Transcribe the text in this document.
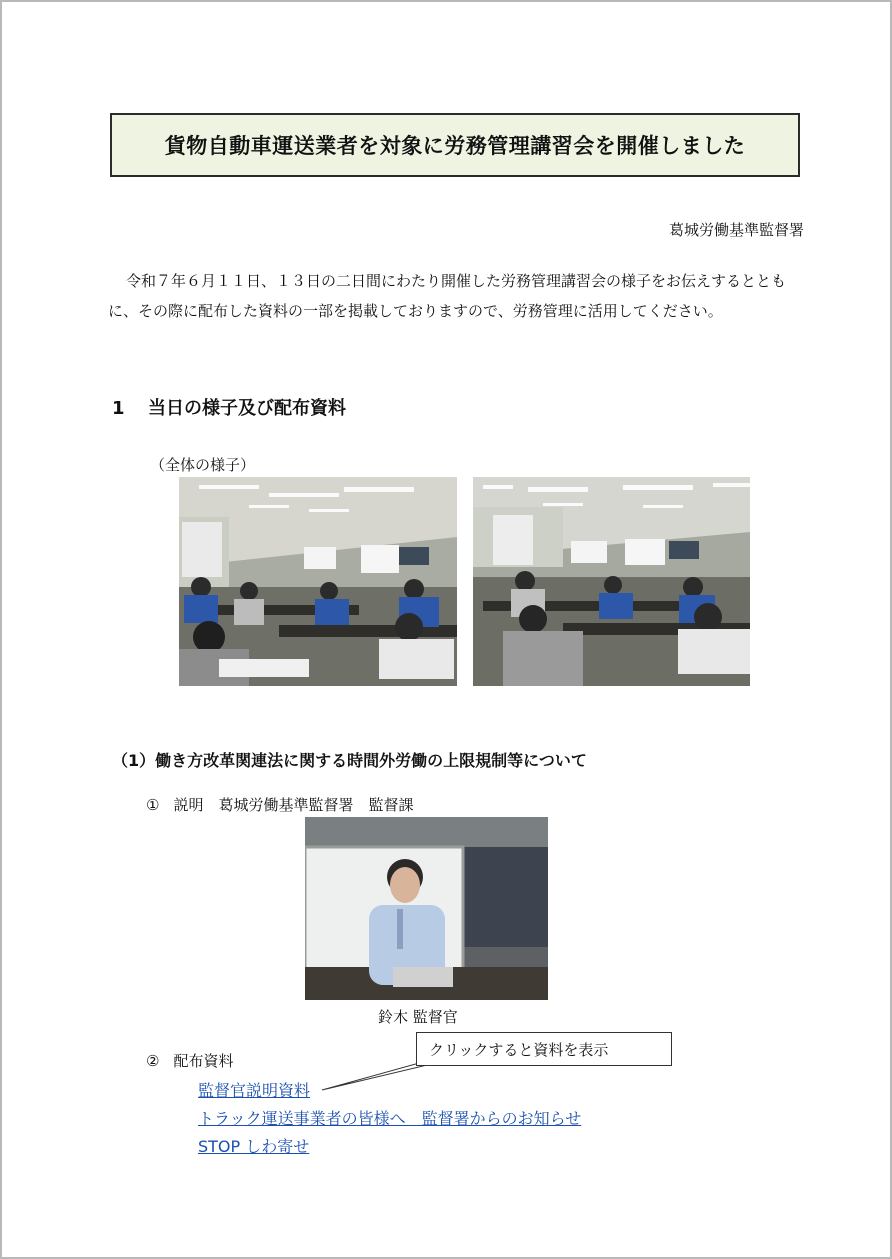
貨物自動車運送業者を対象に労務管理講習会を開催しました
葛城労働基準監督署
令和７年６月１１日、１３日の二日間にわたり開催した労務管理講習会の様子をお伝えするとともに、その際に配布した資料の一部を掲載しておりますので、労務管理に活用してください。
1 当日の様子及び配布資料
（全体の様子）
（1）働き方改革関連法に関する時間外労働の上限規制等について
① 説明　葛城労働基準監督署　監督課
鈴木 監督官
② 配布資料
クリックすると資料を表示
監督官説明資料
トラック運送事業者の皆様へ　監督署からのお知らせ
STOP しわ寄せ
